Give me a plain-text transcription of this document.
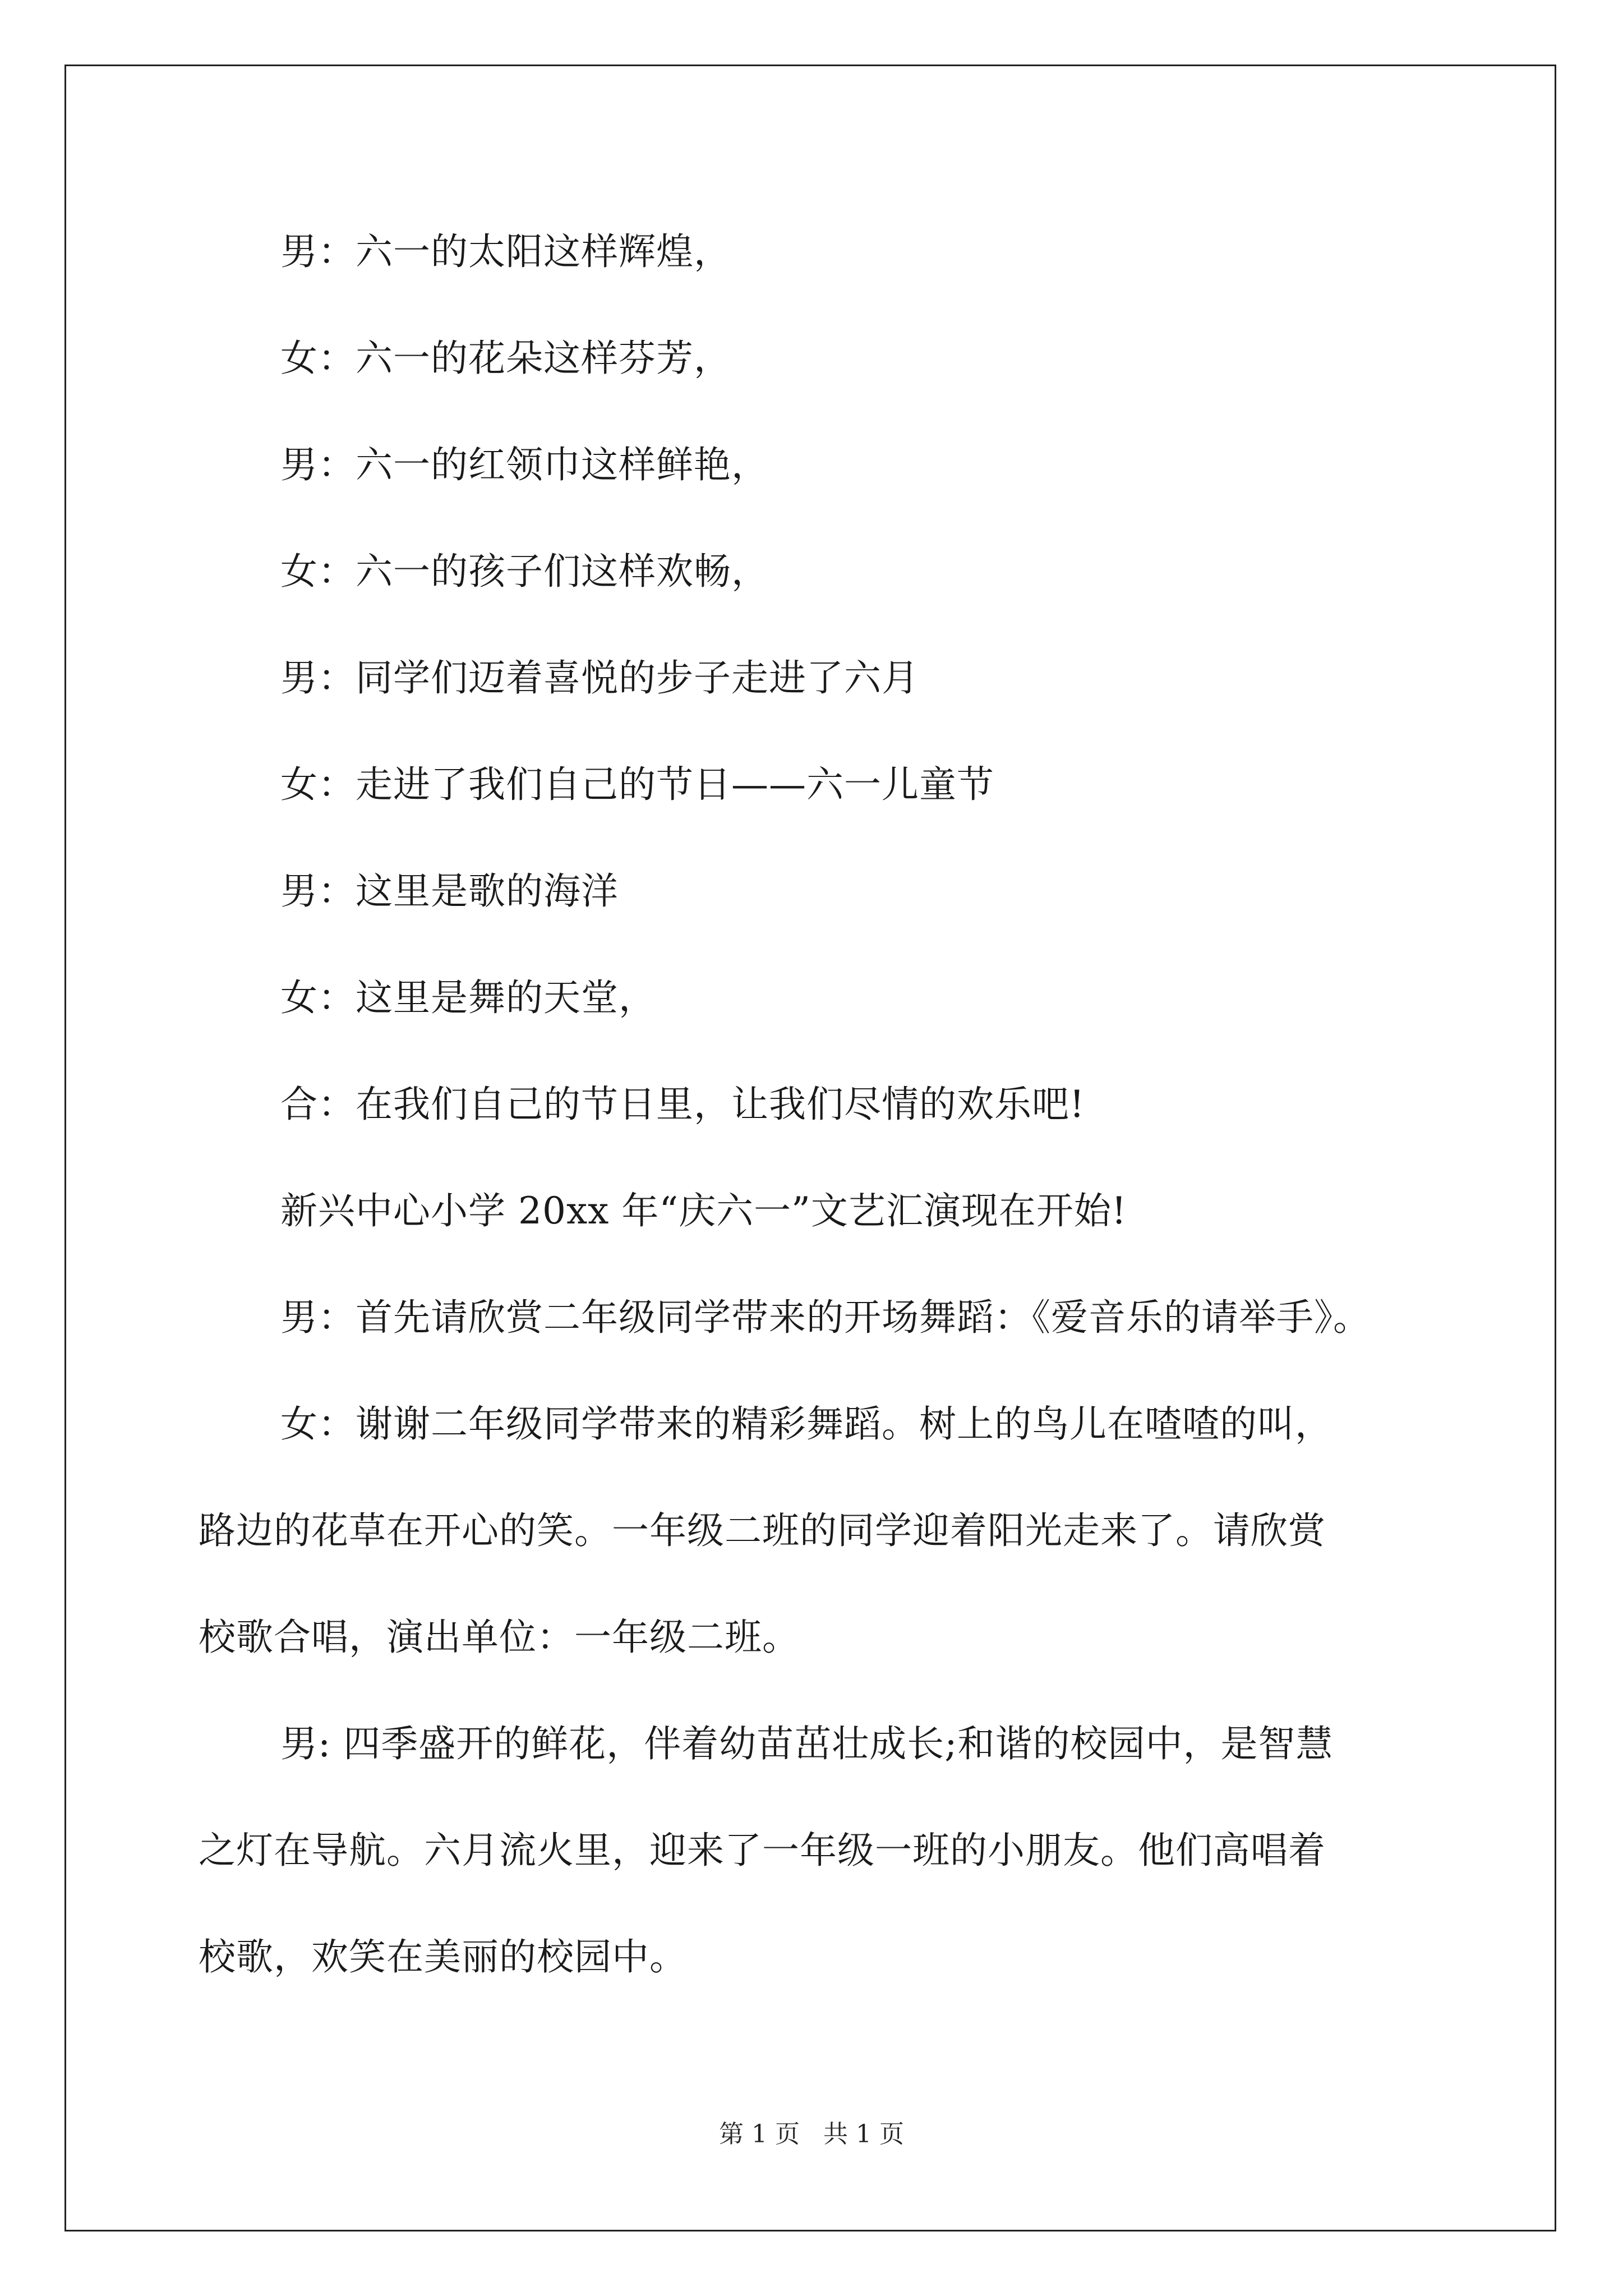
男：六一的太阳这样辉煌，

女：六一的花朵这样芬芳，

男：六一的红领巾这样鲜艳，

女：六一的孩子们这样欢畅，

男：同学们迈着喜悦的步子走进了六月

女：走进了我们自己的节日——六一儿童节

男：这里是歌的海洋

女：这里是舞的天堂，

合：在我们自己的节日里，让我们尽情的欢乐吧!

新兴中心小学 20xx 年“庆六一”文艺汇演现在开始!

男：首先请欣赏二年级同学带来的开场舞蹈：《爱音乐的请举手》。

女：谢谢二年级同学带来的精彩舞蹈。树上的鸟儿在喳喳的叫，

路边的花草在开心的笑。一年级二班的同学迎着阳光走来了。请欣赏

校歌合唱，演出单位：一年级二班。

男: 四季盛开的鲜花，伴着幼苗茁壮成长;和谐的校园中，是智慧

之灯在导航。六月流火里，迎来了一年级一班的小朋友。他们高唱着

校歌，欢笑在美丽的校园中。

第 1 页 共 1 页
